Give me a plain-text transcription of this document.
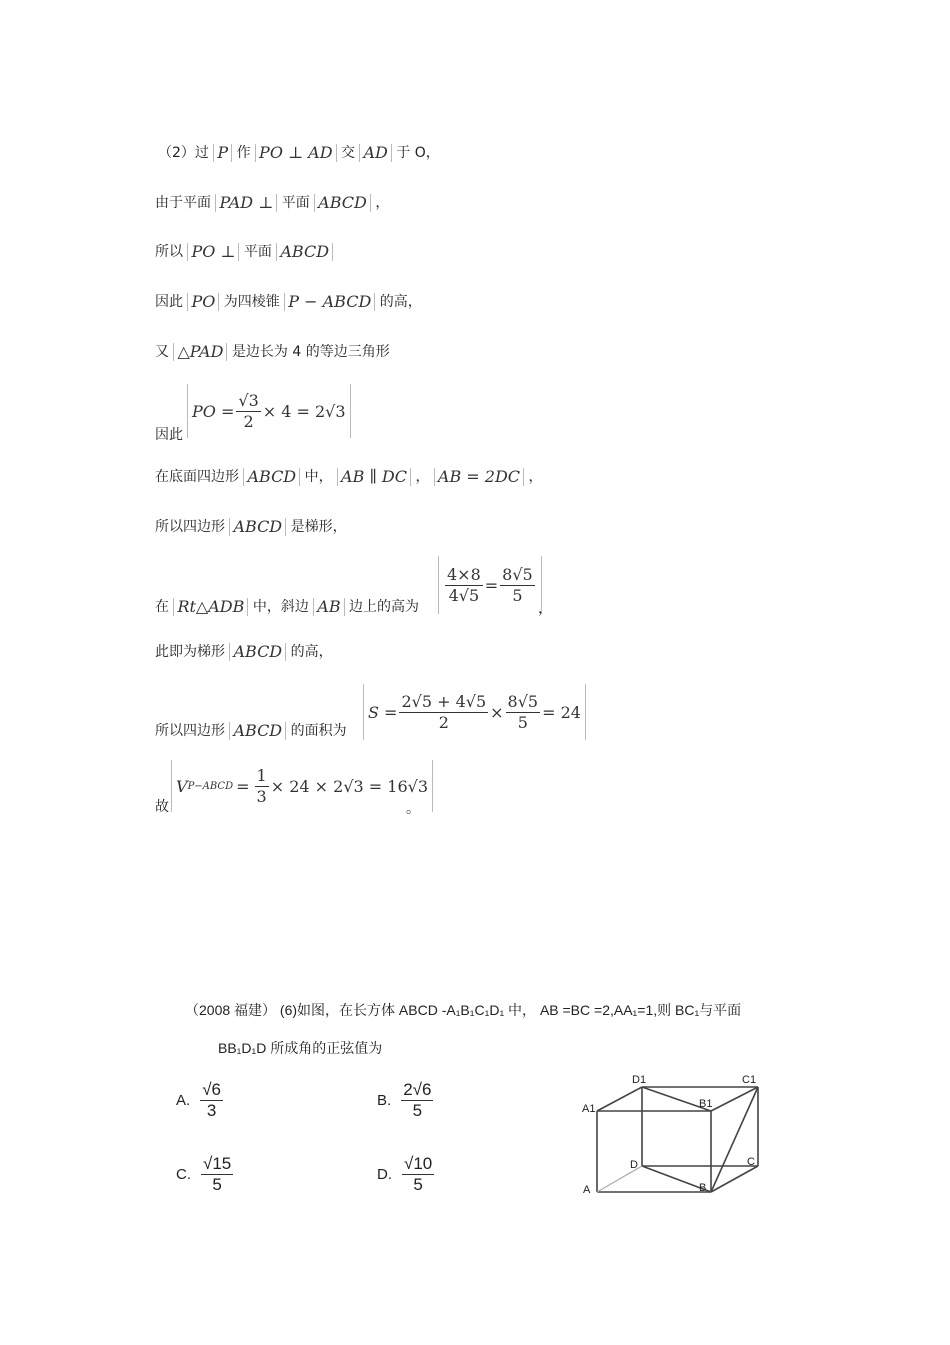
（2）过 P 作 PO ⊥ AD 交 AD 于 O，
由于平面 PAD ⊥ 平面 ABCD ，
所以 PO ⊥ 平面 ABCD
因此 PO 为四棱锥 P − ABCD 的高，
又 △PAD 是边长为 4 的等边三角形
因此
PO = $\frac{√3}{2} \times 4 = 2√3$
在底面四边形 ABCD 中， AB ∥ DC ， AB = 2DC ，
所以四边形 ABCD 是梯形，
在 Rt△ADB 中，斜边 AB 边上的高为
$\frac{4\times 8}{4√5} = \frac{8√5}{5}$
，
此即为梯形 ABCD 的高，
所以四边形 ABCD 的面积为
$S = \frac{2√5 + 4√5}{2} \times \frac{8√5}{5} = 24$
故
V P−ABCD = $\frac{1}{3} \times 24 \times 2√3 = 16√3$
。
（2008 福建） (6)如图，在长方体 ABCD -A₁B₁C₁D₁ 中， AB =BC =2,AA₁=1,则 BC₁与平面
BB₁D₁D 所成角的正弦值为
A. $\frac{√6}{3}$	B. $\frac{2√6}{5}$
C. $\frac{√15}{5}$	D. $\frac{√10}{5}$
D1	C1
A1	B1
D	C
A	B
